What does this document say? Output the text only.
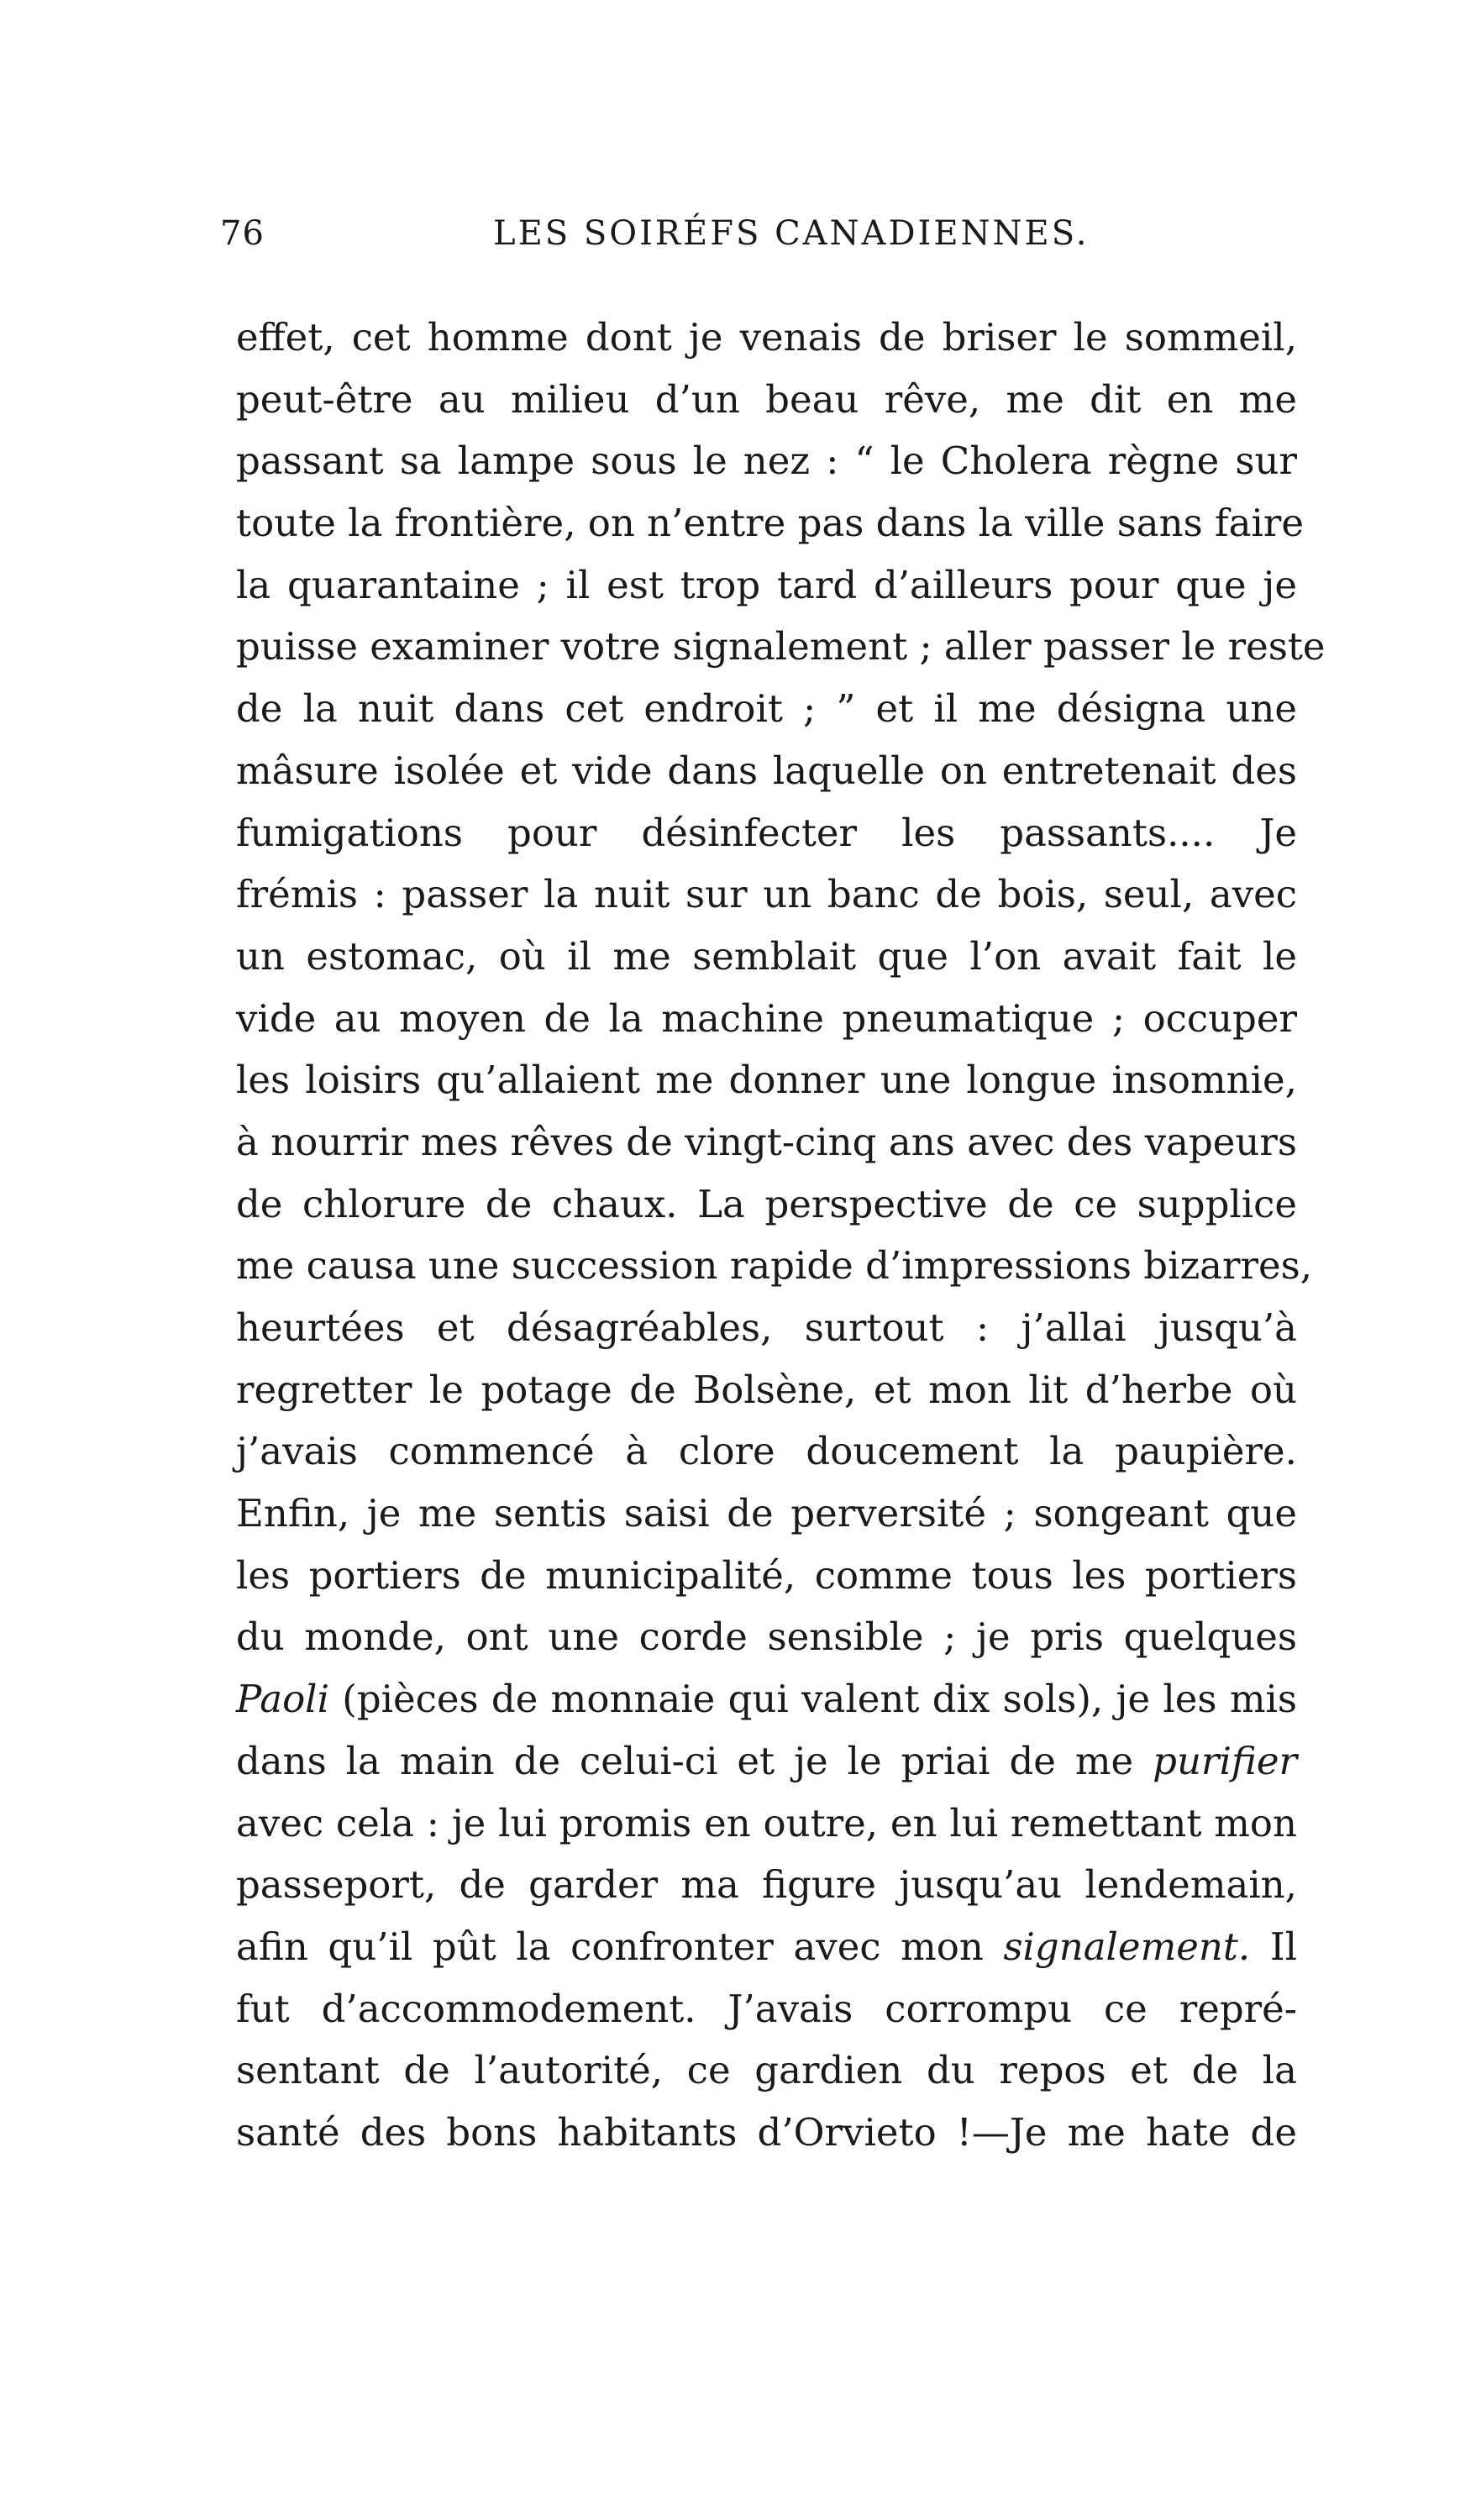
76	LES SOIRÉFS CANADIENNES.
effet, cet homme dont je venais de briser le sommeil,
peut-être au milieu d’un beau rêve, me dit en me
passant sa lampe sous le nez : “ le Cholera règne sur
toute la frontière, on n’entre pas dans la ville sans faire
la quarantaine ; il est trop tard d’ailleurs pour que je
puisse examiner votre signalement ; aller passer le reste
de la nuit dans cet endroit ; ” et il me désigna une
mâsure isolée et vide dans laquelle on entretenait des
fumigations pour désinfecter les passants.... Je
frémis : passer la nuit sur un banc de bois, seul, avec
un estomac, où il me semblait que l’on avait fait le
vide au moyen de la machine pneumatique ; occuper
les loisirs qu’allaient me donner une longue insomnie,
à nourrir mes rêves de vingt-cinq ans avec des vapeurs
de chlorure de chaux. La perspective de ce supplice
me causa une succession rapide d’impressions bizarres,
heurtées et désagréables, surtout : j’allai jusqu’à
regretter le potage de Bolsène, et mon lit d’herbe où
j’avais commencé à clore doucement la paupière.
Enfin, je me sentis saisi de perversité ; songeant que
les portiers de municipalité, comme tous les portiers
du monde, ont une corde sensible ; je pris quelques
Paoli (pièces de monnaie qui valent dix sols), je les mis
dans la main de celui-ci et je le priai de me purifier
avec cela : je lui promis en outre, en lui remettant mon
passeport, de garder ma figure jusqu’au lendemain,
afin qu’il pût la confronter avec mon signalement. Il
fut d’accommodement. J’avais corrompu ce repré-
sentant de l’autorité, ce gardien du repos et de la
santé des bons habitants d’Orvieto !—Je me hate de
